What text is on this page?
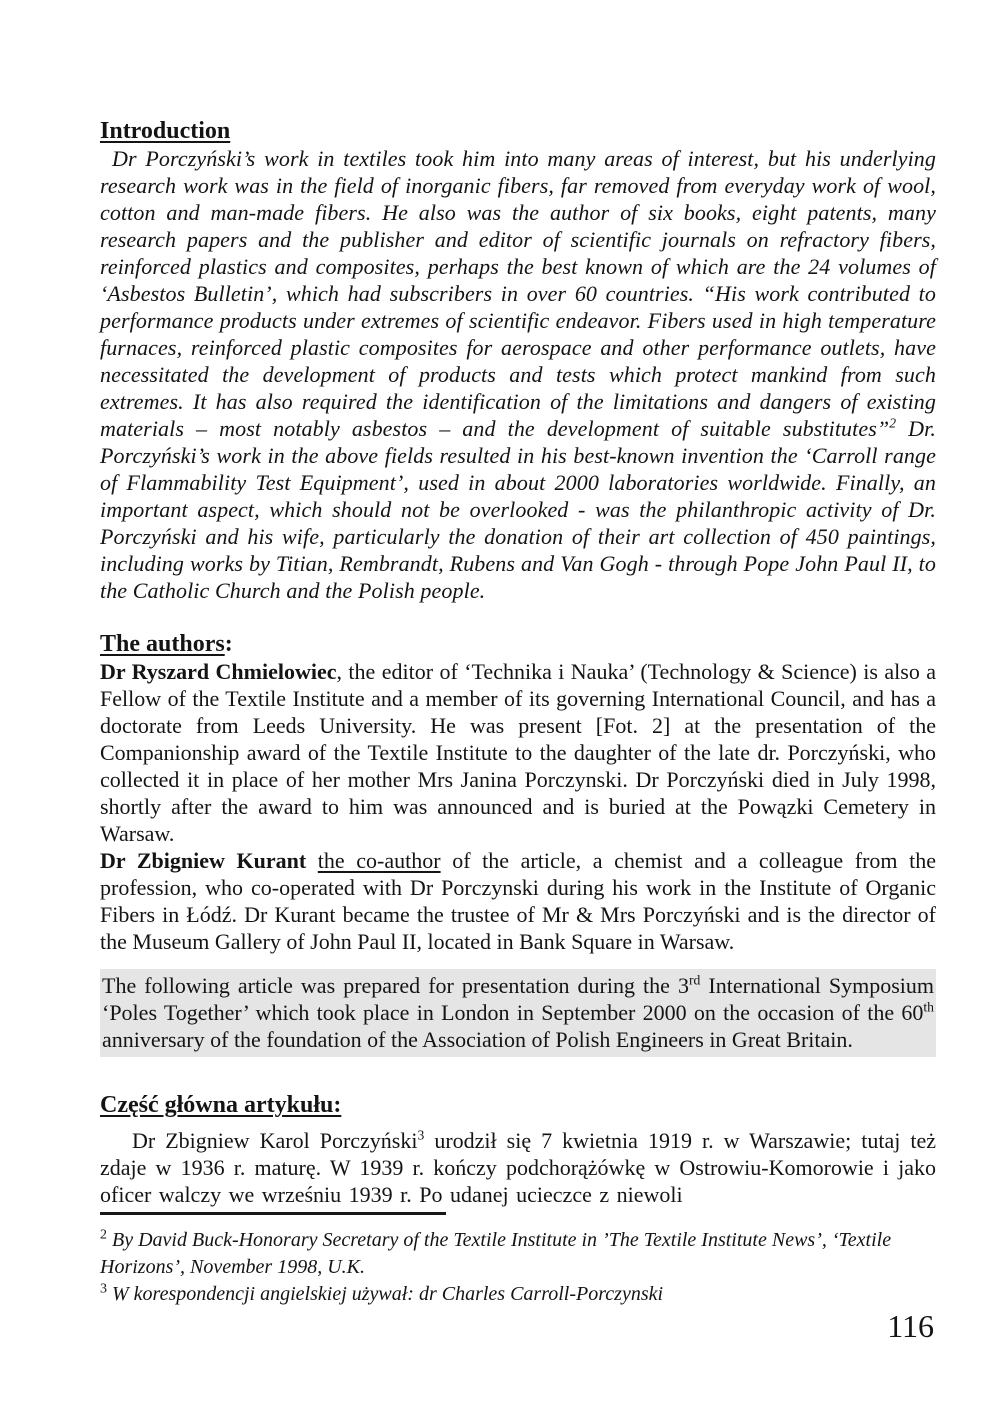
Introduction

Dr Porczyński’s work in textiles took him into many areas of interest, but his underlying research work was in the field of inorganic fibers, far removed from everyday work of wool, cotton and man-made fibers. He also was the author of six books, eight patents, many research papers and the publisher and editor of scientific journals on refractory fibers, reinforced plastics and composites, perhaps the best known of which are the 24 volumes of ‘Asbestos Bulletin’, which had subscribers in over 60 countries. “His work contributed to performance products under extremes of scientific endeavor. Fibers used in high temperature furnaces, reinforced plastic composites for aerospace and other performance outlets, have necessitated the development of products and tests which protect mankind from such extremes. It has also required the identification of the limitations and dangers of existing materials – most notably asbestos – and the development of suitable substitutes”$^2$ Dr. Porczyński’s work in the above fields resulted in his best-known invention the ‘Carroll range of Flammability Test Equipment’, used in about 2000 laboratories worldwide. Finally, an important aspect, which should not be overlooked - was the philanthropic activity of Dr. Porczyński and his wife, particularly the donation of their art collection of 450 paintings, including works by Titian, Rembrandt, Rubens and Van Gogh - through Pope John Paul II, to the Catholic Church and the Polish people.

The authors:

Dr Ryszard Chmielowiec, the editor of ‘Technika i Nauka’ (Technology & Science) is also a Fellow of the Textile Institute and a member of its governing International Council, and has a doctorate from Leeds University. He was present [Fot. 2] at the presentation of the Companionship award of the Textile Institute to the daughter of the late dr. Porczyński, who collected it in place of her mother Mrs Janina Porczynski. Dr Porczyński died in July 1998, shortly after the award to him was announced and is buried at the Powązki Cemetery in Warsaw.

Dr Zbigniew Kurant the co-author of the article, a chemist and a colleague from the profession, who co-operated with Dr Porczynski during his work in the Institute of Organic Fibers in Łódź. Dr Kurant became the trustee of Mr & Mrs Porczyński and is the director of the Museum Gallery of John Paul II, located in Bank Square in Warsaw.

The following article was prepared for presentation during the 3rd International Symposium ‘Poles Together’ which took place in London in September 2000 on the occasion of the 60th anniversary of the foundation of the Association of Polish Engineers in Great Britain.

Część główna artykułu:

Dr Zbigniew Karol Porczyński$^3$ urodził się 7 kwietnia 1919 r. w Warszawie; tutaj też zdaje w 1936 r. maturę. W 1939 r. kończy podchorążówkę w Ostrowiu-Komorowie i jako oficer walczy we wrześniu 1939 r. Po udanej ucieczce z niewoli

$^2$ By David Buck-Honorary Secretary of the Textile Institute in ’The Textile Institute News’, ‘Textile Horizons’, November 1998, U.K.

$^3$ W korespondencji angielskiej używał: dr Charles Carroll-Porczynski

116
